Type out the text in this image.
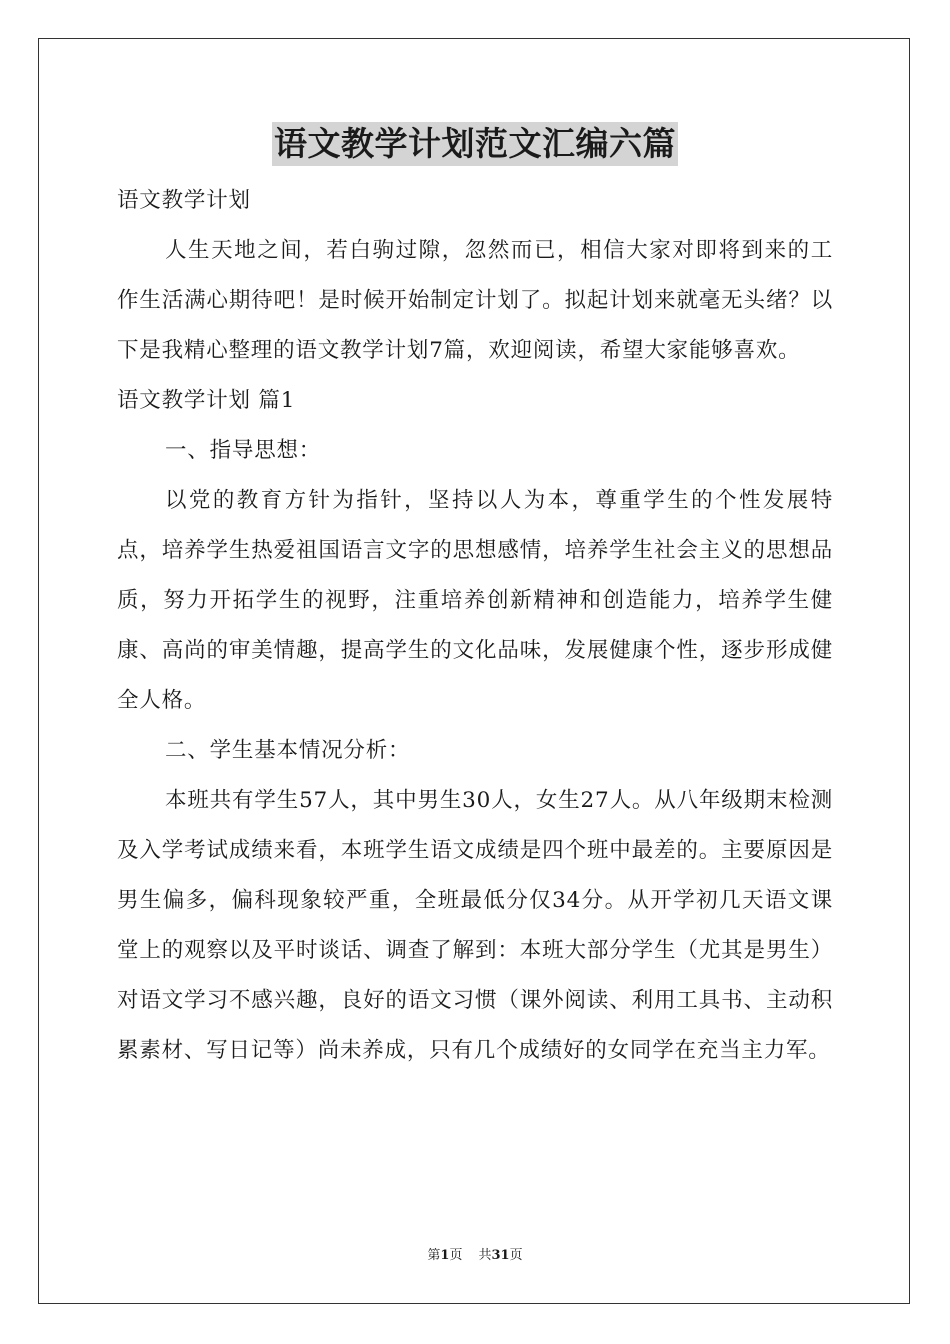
语文教学计划范文汇编六篇

语文教学计划

人生天地之间，若白驹过隙，忽然而已，相信大家对即将到来的工作生活满心期待吧！是时候开始制定计划了。拟起计划来就毫无头绪？以下是我精心整理的语文教学计划7篇，欢迎阅读，希望大家能够喜欢。

语文教学计划 篇1

一、指导思想：

以党的教育方针为指针，坚持以人为本，尊重学生的个性发展特点，培养学生热爱祖国语言文字的思想感情，培养学生社会主义的思想品质，努力开拓学生的视野，注重培养创新精神和创造能力，培养学生健康、高尚的审美情趣，提高学生的文化品味，发展健康个性，逐步形成健全人格。

二、学生基本情况分析：

本班共有学生57人，其中男生30人，女生27人。从八年级期末检测及入学考试成绩来看，本班学生语文成绩是四个班中最差的。主要原因是男生偏多，偏科现象较严重，全班最低分仅34分。从开学初几天语文课堂上的观察以及平时谈话、调查了解到：本班大部分学生（尤其是男生）对语文学习不感兴趣，良好的语文习惯（课外阅读、利用工具书、主动积累素材、写日记等）尚未养成，只有几个成绩好的女同学在充当主力军。

第1页 共31页
